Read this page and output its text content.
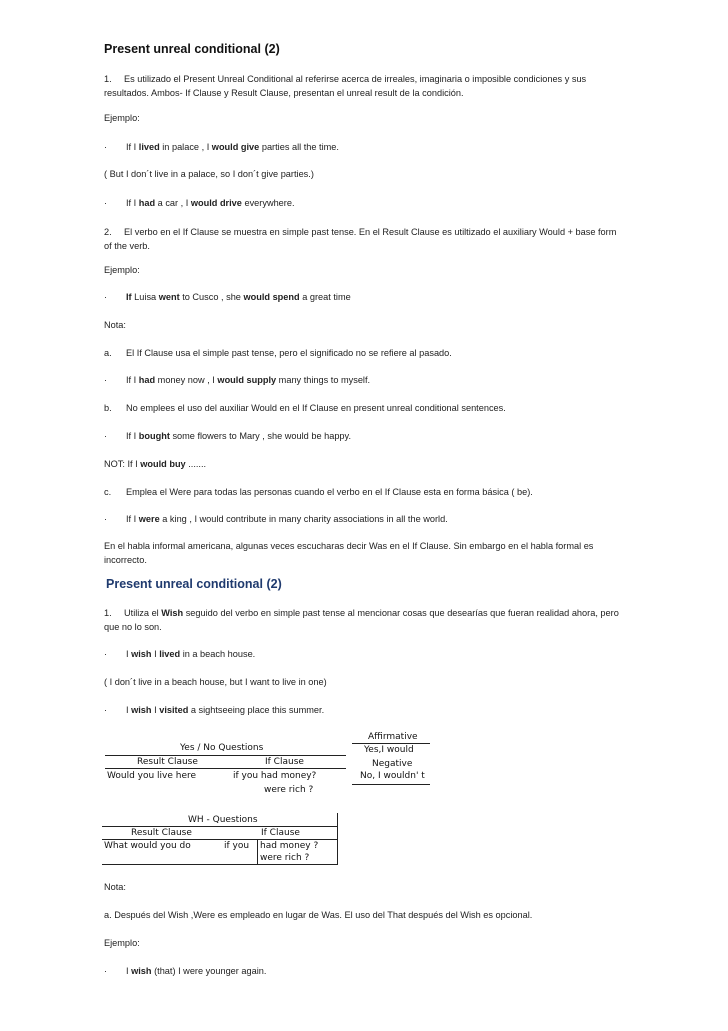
Present unreal conditional (2)

1. Es utilizado el Present Unreal Conditional al referirse acerca de irreales, imaginaria o imposible condiciones y sus resultados. Ambos- If Clause y Result Clause, presentan el unreal result de la condición.

Ejemplo:

· If I lived in palace , I would give parties all the time.

( But I don´t live in a palace, so I don´t give parties.)

· If I had a car , I would drive everywhere.

2. El verbo en el If Clause se muestra en simple past tense. En el Result Clause es utiltizado el auxiliary Would + base form of the verb.

Ejemplo:

· If Luisa went to Cusco , she would spend a great time

Nota:

a. El If Clause usa el simple past tense, pero el significado no se refiere al pasado.

· If I had money now , I would supply many things to myself.

b. No emplees el uso del auxiliar Would en el If Clause en present unreal conditional sentences.

· If I bought some flowers to Mary , she would be happy.

NOT: If I would buy .......

c. Emplea el Were para todas las personas cuando el verbo en el If Clause esta en forma básica ( be).

· If I were a king , I would contribute in many charity associations in all the world.

En el habla informal americana, algunas veces escucharas decir Was en el If Clause. Sin embargo en el habla formal es incorrecto.

Present unreal conditional (2)

1. Utiliza el Wish seguido del verbo en simple past tense al mencionar cosas que desearías que fueran realidad ahora, pero que no lo son.

· I wish I lived in a beach house.

( I don´t live in a beach house, but I want to live in one)

· I wish I visited a sightseeing place this summer.

Yes / No Questions
Result Clause	If Clause
Would you live here	if you had money?
were rich ?
Affirmative
Yes,I would
Negative
No, I wouldn' t
WH - Questions
Result Clause	If Clause
What would you do	if you had money ?
were rich ?

Nota:

a. Después del Wish ,Were es empleado en lugar de Was. El uso del That después del Wish es opcional.

Ejemplo:

· I wish (that) I were younger again.
